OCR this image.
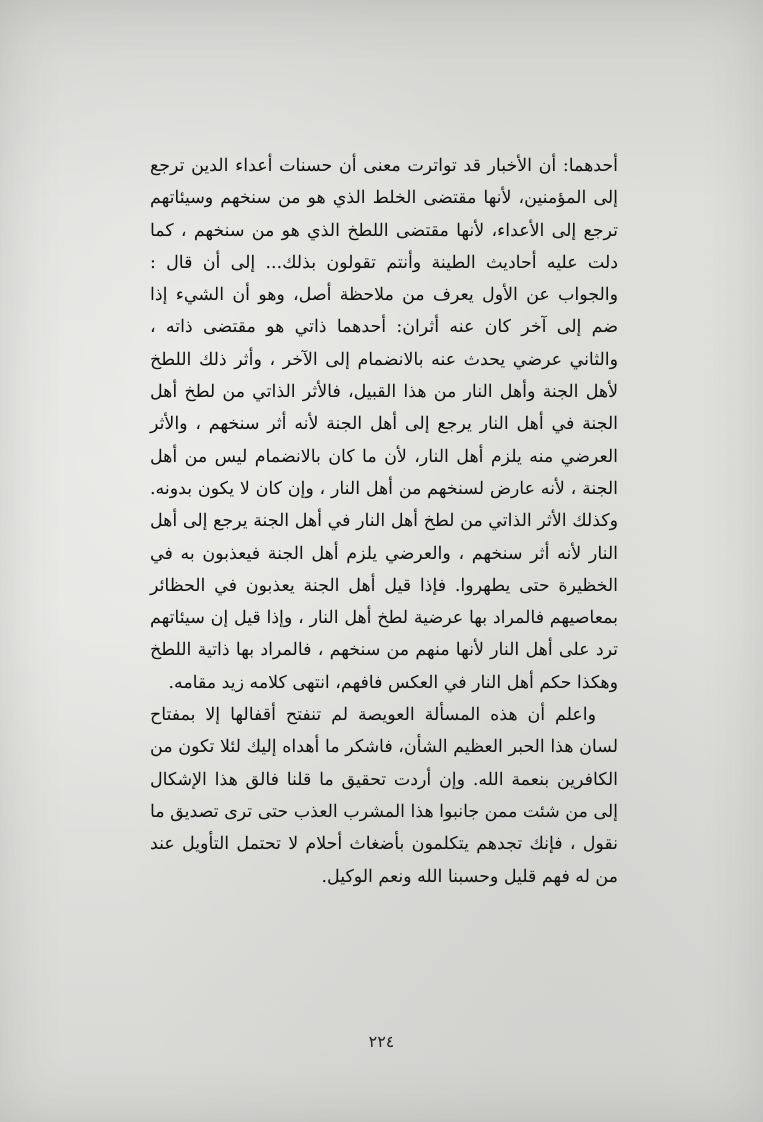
أحدهما: أن الأخبار قد تواترت معنى أن حسنات أعداء الدين ترجع إلى المؤمنين، لأنها مقتضى الخلط الذي هو من سنخهم وسيئاتهم ترجع إلى الأعداء، لأنها مقتضى اللطخ الذي هو من سنخهم ، كما دلت عليه أحاديث الطينة وأنتم تقولون بذلك... إلى أن قال : والجواب عن الأول يعرف من ملاحظة أصل، وهو أن الشيء إذا ضم إلى آخر كان عنه أثران: أحدهما ذاتي هو مقتضى ذاته ، والثاني عرضي يحدث عنه بالانضمام إلى الآخر ، وأثر ذلك اللطخ لأهل الجنة وأهل النار من هذا القبيل، فالأثر الذاتي من لطخ أهل الجنة في أهل النار يرجع إلى أهل الجنة لأنه أثر سنخهم ، والأثر العرضي منه يلزم أهل النار، لأن ما كان بالانضمام ليس من أهل الجنة ، لأنه عارض لسنخهم من أهل النار ، وإن كان لا يكون بدونه. وكذلك الأثر الذاتي من لطخ أهل النار في أهل الجنة يرجع إلى أهل النار لأنه أثر سنخهم ، والعرضي يلزم أهل الجنة فيعذبون به في الخظيرة حتى يطهروا. فإذا قيل أهل الجنة يعذبون في الحظائر بمعاصيهم فالمراد بها عرضية لطخ أهل النار ، وإذا قيل إن سيئاتهم ترد على أهل النار لأنها منهم من سنخهم ، فالمراد بها ذاتية اللطخ وهكذا حكم أهل النار في العكس فافهم، انتهى كلامه زيد مقامه.

واعلم أن هذه المسألة العويصة لم تنفتح أقفالها إلا بمفتاح لسان هذا الحبر العظيم الشأن، فاشكر ما أهداه إليك لئلا تكون من الكافرين بنعمة الله. وإن أردت تحقيق ما قلنا فالق هذا الإشكال إلى من شئت ممن جانبوا هذا المشرب العذب حتى ترى تصديق ما نقول ، فإنك تجدهم يتكلمون بأضغاث أحلام لا تحتمل التأويل عند من له فهم قليل وحسبنا الله ونعم الوكيل.

٢٢٤
